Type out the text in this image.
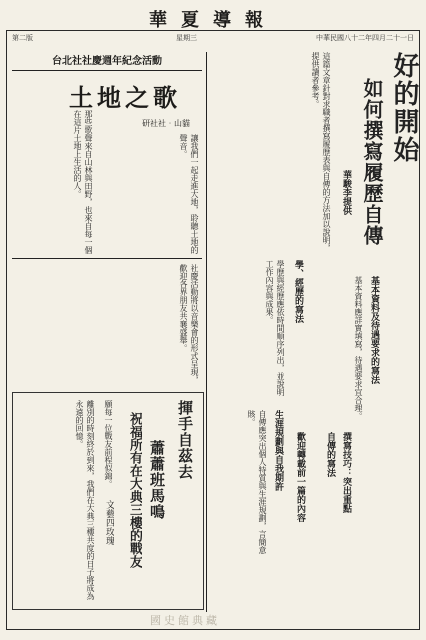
華夏導報
中華民國八十二年四月二十一日
星期三
第二版
好的開始
如何撰寫履歷自傳
華駿李提供
這篇文章針對求職者撰寫履歷表與自傳的方法加以說明，提供讀者參考。
基本資料及待遇要求的寫法
基本資料應詳實填寫，待遇要求宜合理。
學、經歷的寫法
學歷與經歷應依時間順序列出，並說明工作內容與成果。
生涯規劃與自我期許
自傳應突出個人特質與生涯規劃，言簡意賅。
撰寫技巧：突出重點
自傳的寫法
歡迎轉載前一篇的內容
台北社社慶週年紀念活動
土地之歌
研社社‧山貓
讓我們一起走進大地，聆聽土地的聲音。
那些歌聲來自山林與田野，也來自每一個在這片土地上生活的人。
社慶活動將以音樂會的形式呈現，歡迎各界朋友共襄盛舉。
揮手自茲去
蕭蕭班馬鳴
祝福所有在大典三樓的戰友
文藝四玫瑰
離別的時刻終於到來，我們在大典三樓共度的日子將成為永遠的回憶。	願每一位戰友前程似錦。
國史館典藏
